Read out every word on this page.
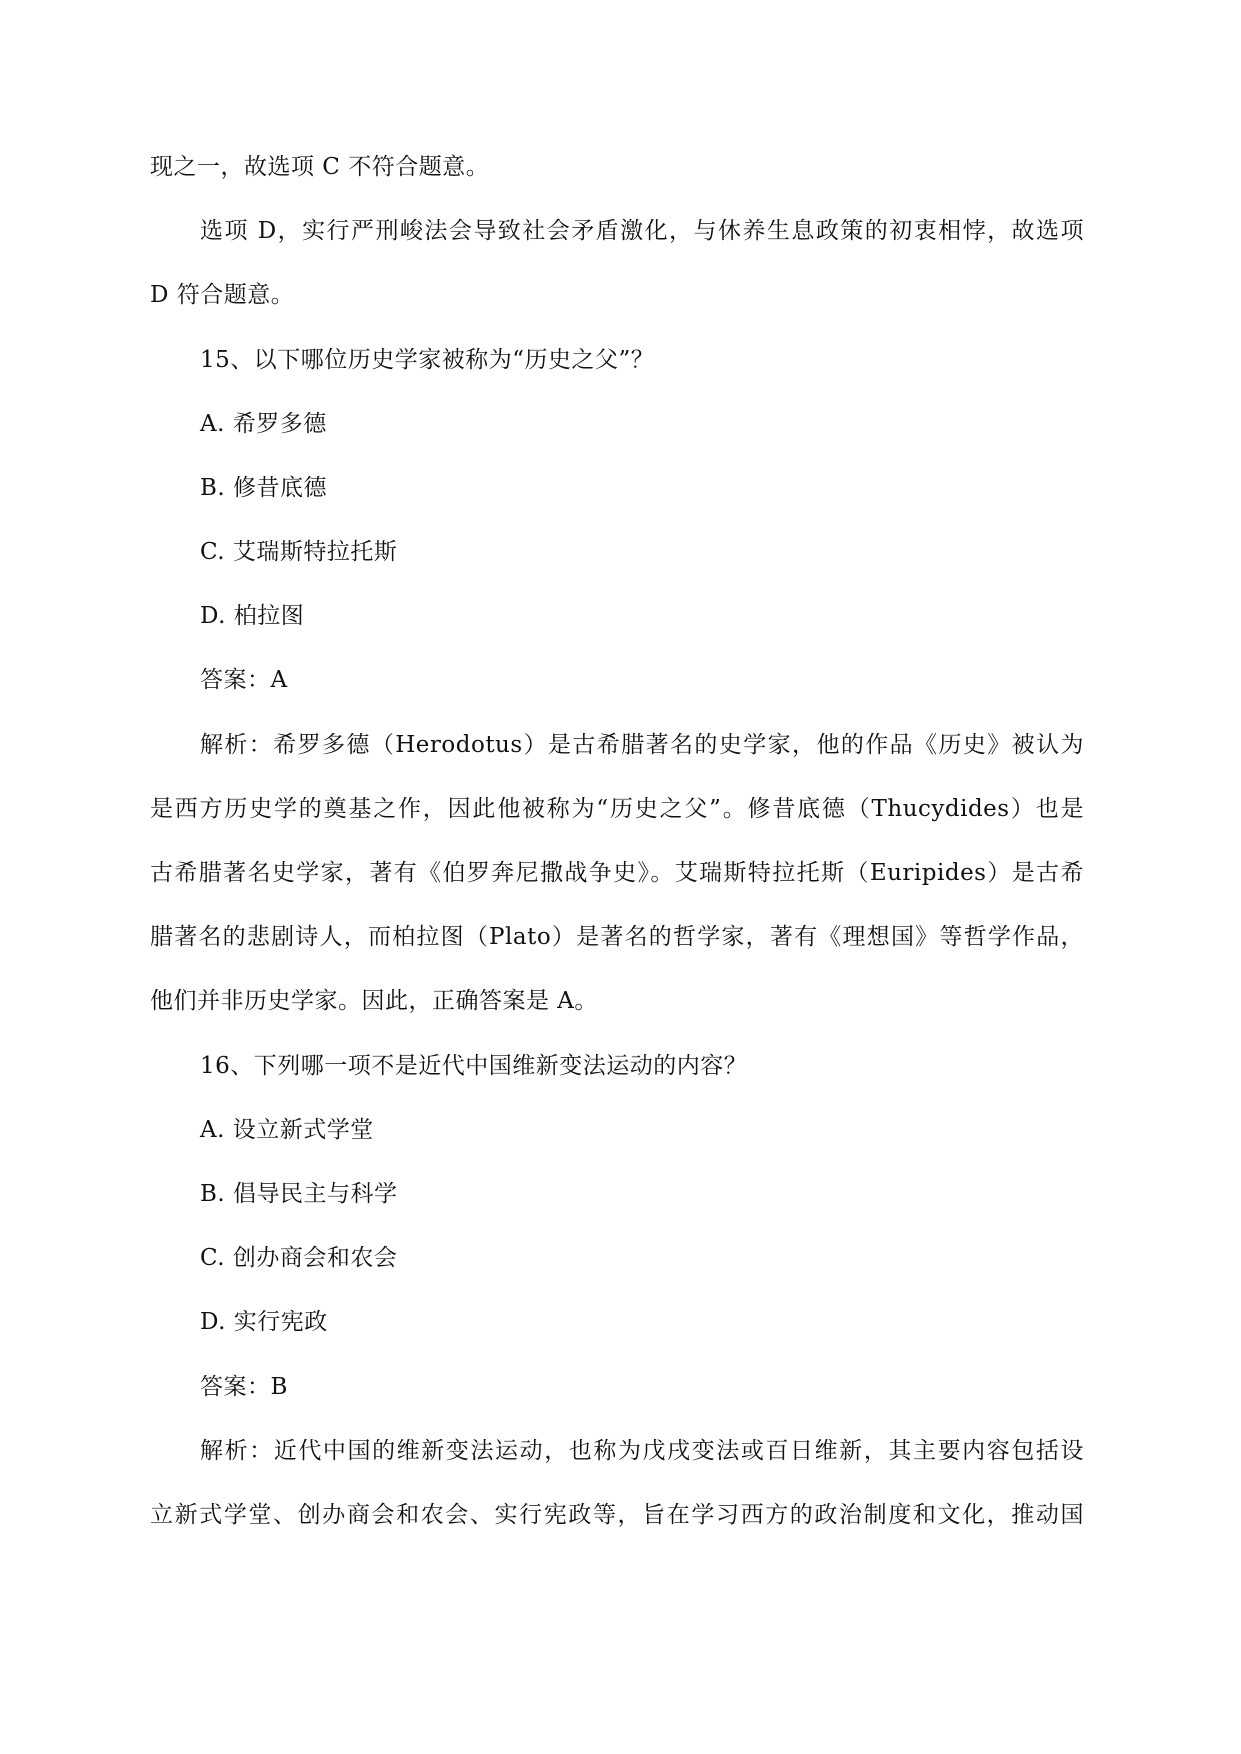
现之一，故选项 C 不符合题意。
选项 D，实行严刑峻法会导致社会矛盾激化，与休养生息政策的初衷相悖，故选项
D 符合题意。
15、以下哪位历史学家被称为“历史之父”？
A. 希罗多德
B. 修昔底德
C. 艾瑞斯特拉托斯
D. 柏拉图
答案：A
解析：希罗多德（Herodotus）是古希腊著名的史学家，他的作品《历史》被认为
是西方历史学的奠基之作，因此他被称为“历史之父”。修昔底德（Thucydides）也是
古希腊著名史学家，著有《伯罗奔尼撒战争史》。艾瑞斯特拉托斯（Euripides）是古希
腊著名的悲剧诗人，而柏拉图（Plato）是著名的哲学家，著有《理想国》等哲学作品，
他们并非历史学家。因此，正确答案是 A。
16、下列哪一项不是近代中国维新变法运动的内容？
A. 设立新式学堂
B. 倡导民主与科学
C. 创办商会和农会
D. 实行宪政
答案：B
解析：近代中国的维新变法运动，也称为戊戌变法或百日维新，其主要内容包括设
立新式学堂、创办商会和农会、实行宪政等，旨在学习西方的政治制度和文化，推动国
